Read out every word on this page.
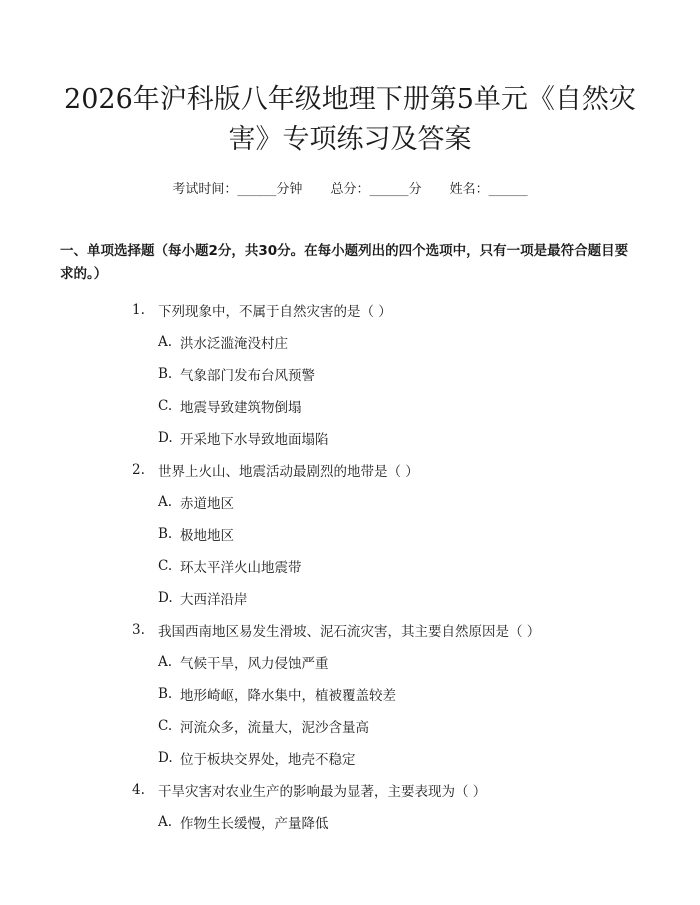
2026年沪科版八年级地理下册第5单元《自然灾害》专项练习及答案
考试时间：______分钟 总分：______分 姓名：______
一、单项选择题（每小题2分，共30分。在每小题列出的四个选项中，只有一项是最符合题目要求的。）
1. 下列现象中，不属于自然灾害的是（ ）
A. 洪水泛滥淹没村庄
B. 气象部门发布台风预警
C. 地震导致建筑物倒塌
D. 开采地下水导致地面塌陷
2. 世界上火山、地震活动最剧烈的地带是（ ）
A. 赤道地区
B. 极地地区
C. 环太平洋火山地震带
D. 大西洋沿岸
3. 我国西南地区易发生滑坡、泥石流灾害，其主要自然原因是（ ）
A. 气候干旱，风力侵蚀严重
B. 地形崎岖，降水集中，植被覆盖较差
C. 河流众多，流量大，泥沙含量高
D. 位于板块交界处，地壳不稳定
4. 干旱灾害对农业生产的影响最为显著，主要表现为（ ）
A. 作物生长缓慢，产量降低
